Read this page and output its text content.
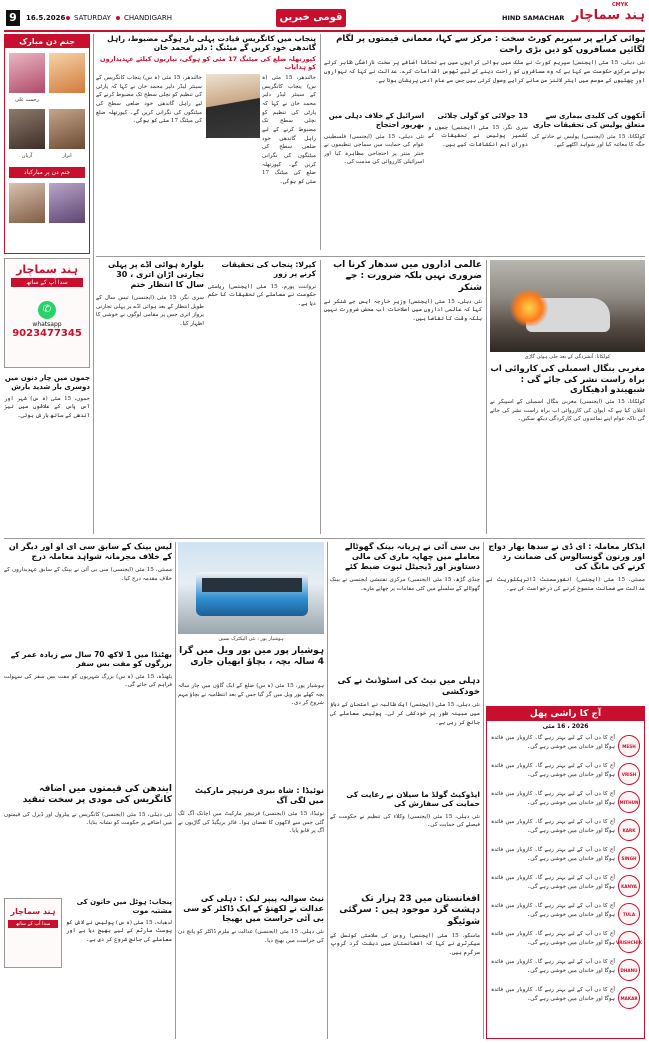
CMYK
9	16.5.2026 SATURDAY CHANDIGARH	قومی خبریں	HIND SAMACHAR ہند سماچار
جنم دن مبارک
رحمت علی
آریان	ابرار
جنم دن پر مبارکباد
ہند سماچار
سدا آپ کے ساتھ
✆
whatsapp
9023477345
جموں میں چار دنوں میں دوسری بار شدید بارش
جموں، 15 مئی (ہ س) شہر اور آس پاس کے علاقوں میں تیز آندھی کے ساتھ بارش ہوئی۔
پنجاب میں کانگریس قیادت پہلی بار ہوگی مضبوط، راہل گاندھی خود کریں گے میٹنگ : دلیر محمد خان
کپورتھلہ ضلع کی میٹنگ 17 مئی کو ہوگی، تیاریوں کیلئے عہدیداروں کو ہدایات
جالندھر، 15 مئی (ہ س) پنجاب کانگریس کے سینئر لیڈر دلیر محمد خان نے کہا کہ پارٹی کی تنظیم کو نچلی سطح تک مضبوط کرنے کے لیے راہل گاندھی خود ضلعی سطح کی میٹنگوں کی نگرانی کریں گے۔ کپورتھلہ ضلع کی میٹنگ 17 مئی کو ہوگی۔
جالندھر، 15 مئی (ہ س) پنجاب کانگریس کے سینئر لیڈر دلیر محمد خان نے کہا کہ پارٹی کی تنظیم کو نچلی سطح تک مضبوط کرنے کے لیے راہل گاندھی خود ضلعی سطح کی میٹنگوں کی نگرانی کریں گے۔ کپورتھلہ ضلع کی میٹنگ 17 مئی کو ہوگی۔
ہوائی کرایے پر سپریم کورٹ سخت : مرکز سے کہا، معمانی قیمتوں پر لگام لگائیں مسافروں کو دیں بڑی راحت
نئی دہلی، 15 مئی (ایجنسی) سپریم کورٹ نے ملک میں ہوائی کرایوں میں بے تحاشا اضافے پر سخت ناراضگی ظاہر کرتے ہوئے مرکزی حکومت سے کہا ہے کہ وہ مسافروں کو راحت دینے کے لیے ٹھوس اقدامات کرے۔ عدالت نے کہا کہ تہواروں اور چھٹیوں کے موسم میں ایئر لائنز من مانے کرایے وصول کرتی ہیں جس سے عام آدمی پریشان ہوتا ہے۔
اسرائیل کے خلاف دہلی میں بھرپور احتجاج
نئی دہلی، 15 مئی (ایجنسی) فلسطینی عوام کی حمایت میں سماجی تنظیموں نے جنتر منتر پر احتجاجی مظاہرہ کیا اور اسرائیلی کارروائی کی مذمت کی۔
13 جولائی کو گولی چلائی
سری نگر، 15 مئی (ایجنسی) جموں و کشمیر پولیس نے تحقیقات کے دوران اہم انکشافات کیے ہیں۔
آنکھوں کی کلیدی بیماری سے متعلق پولیس کی تحقیقات جاری
کولکاتا، 15 مئی (ایجنسی) پولیس نے حادثے کی جگہ کا معائنہ کیا اور شواہد اکٹھے کیے۔
بلوارہ ہوائی اڈے پر پہلی تجارتی اڑان اتری ، 30 سال کا انتظار ختم
سری نگر، 15 مئی (ایجنسی) تیس سال کے طویل انتظار کے بعد ہوائی اڈے پر پہلی تجارتی پرواز اتری جس پر مقامی لوگوں نے خوشی کا اظہار کیا۔
کیرلا: پنجاب کی تحقیقات کرنے پر زور
ترواننت پورم، 15 مئی (ایجنسی) ریاستی حکومت نے معاملے کی تحقیقات کا حکم دیا ہے۔
عالمی اداروں میں سدھار کرنا اب ضروری نہیں بلکہ ضرورت : جے شنکر
نئی دہلی، 15 مئی (ایجنسی) وزیر خارجہ ایس جے شنکر نے کہا کہ عالمی اداروں میں اصلاحات اب محض ضرورت نہیں بلکہ وقت کا تقاضا ہیں۔
کولکاتا: آتشزدگی کے بعد جلی ہوئی گاڑی
مغربی بنگال اسمبلی کی کاروائی اب براہ راست نشر کی جائے گی : شبھیندو ادھیکاری
کولکاتا، 15 مئی (ایجنسی) مغربی بنگال اسمبلی کے اسپیکر نے اعلان کیا ہے کہ ایوان کی کارروائی اب براہ راست نشر کی جائے گی تاکہ عوام اپنے نمائندوں کی کارکردگی دیکھ سکیں۔
لیس بینک کے سابق سی ای او اور دیگر ان کے خلاف مجرمانہ شواہد معاملہ درج
ممبئی، 15 مئی (ایجنسی) سی بی آئی نے بینک کے سابق عہدیداروں کے خلاف مقدمہ درج کیا۔
بھٹنڈا میں 1 لاکھ 70 سال سے زیادہ عمر کے بزرگوں کو مفت بس سفر
بٹھنڈہ، 15 مئی (ہ س) بزرگ شہریوں کو مفت بس سفر کی سہولت فراہم کی جائے گی۔
ہوشیار پور : نئی الیکٹرک بسیں
ہوشیار پور میں بور ویل میں گرا 4 سالہ بچہ ، بچاؤ ابھیان جاری
ہوشیار پور، 15 مئی (ہ س) ضلع کے ایک گاؤں میں چار سالہ بچہ کھلے بور ویل میں گر گیا جس کے بعد انتظامیہ نے بچاؤ مہم شروع کر دی۔
بی سی آئی نے ہریانہ بینک گھوٹالے معاملے میں چھاپہ ماری کی مالی دستاویز اور ڈیجیٹل ثبوت ضبط کئے
چنڈی گڑھ، 15 مئی (ایجنسی) مرکزی تفتیشی ایجنسی نے بینک گھوٹالے کے سلسلے میں کئی مقامات پر چھاپے مارے۔
دہلی میں نیٹ کی اسٹوڈنٹ نے کی خودکشی
نئی دہلی، 15 مئی (ایجنسی) ایک طالبہ نے امتحان کے دباؤ میں مبینہ طور پر خودکشی کر لی۔ پولیس معاملے کی جانچ کر رہی ہے۔
ایڈکار معاملہ : ای ڈی نے سدھا بھار دواج اور ورنون گونسالوس کی ضمانت رد کرنے کی مانگ کی
ممبئی، 15 مئی (ایجنسی) انفورسمنٹ ڈائریکٹوریٹ نے عدالت سے ضمانت منسوخ کرنے کی درخواست کی ہے۔
آج کا راشی پھل
2026 ، 16 مئی
آج کا دن آپ کے لیے بہتر رہے گا۔ کاروبار میں فائدہ ہوگا اور خاندان میں خوشی رہے گی۔	MESH
آج کا دن آپ کے لیے بہتر رہے گا۔ کاروبار میں فائدہ ہوگا اور خاندان میں خوشی رہے گی۔	VRISH
آج کا دن آپ کے لیے بہتر رہے گا۔ کاروبار میں فائدہ ہوگا اور خاندان میں خوشی رہے گی۔	MITHUN
آج کا دن آپ کے لیے بہتر رہے گا۔ کاروبار میں فائدہ ہوگا اور خاندان میں خوشی رہے گی۔	KARK
آج کا دن آپ کے لیے بہتر رہے گا۔ کاروبار میں فائدہ ہوگا اور خاندان میں خوشی رہے گی۔	SINGH
آج کا دن آپ کے لیے بہتر رہے گا۔ کاروبار میں فائدہ ہوگا اور خاندان میں خوشی رہے گی۔	KANYA
آج کا دن آپ کے لیے بہتر رہے گا۔ کاروبار میں فائدہ ہوگا اور خاندان میں خوشی رہے گی۔	TULA
آج کا دن آپ کے لیے بہتر رہے گا۔ کاروبار میں فائدہ ہوگا اور خاندان میں خوشی رہے گی۔ VRISHCHIK
آج کا دن آپ کے لیے بہتر رہے گا۔ کاروبار میں فائدہ ہوگا اور خاندان میں خوشی رہے گی۔	DHANU
آج کا دن آپ کے لیے بہتر رہے گا۔ کاروبار میں فائدہ ہوگا اور خاندان میں خوشی رہے گی۔	MAKAR
نوئیڈا : شاہ بیری فرنیچر مارکیٹ میں لگی آگ
نوئیڈا، 15 مئی (ایجنسی) فرنیچر مارکیٹ میں اچانک آگ لگ گئی جس سے لاکھوں کا نقصان ہوا۔ فائر بریگیڈ کی گاڑیوں نے آگ پر قابو پایا۔
نیٹ سوالیہ پیپر لیک : دہلی کی عدالت نے لکھنؤ کے ایک ڈاکٹر کو سی بی آئی حراست میں بھیجا
نئی دہلی، 15 مئی (ایجنسی) عدالت نے ملزم ڈاکٹر کو پانچ دن کی حراست میں بھیج دیا۔
ایڈوکیٹ گولڈ ما سیلان نے رعایت کی حمایت کی سفارش کی
نئی دہلی، 15 مئی (ایجنسی) وکلاء کی تنظیم نے حکومت کے فیصلے کی حمایت کی۔
افغانستان میں 23 ہزار تک دہشت گرد موجود ہیں : سرگئی شوئیگو
ماسکو، 15 مئی (ایجنسی) روس کی سلامتی کونسل کے سیکرٹری نے کہا کہ افغانستان میں دہشت گرد گروپ سرگرم ہیں۔
ایندھن کی قیمتوں میں اضافہ کانگریس کی مودی پر سخت تنقید
نئی دہلی، 15 مئی (ایجنسی) کانگریس نے پیٹرول اور ڈیزل کی قیمتوں میں اضافے پر حکومت کو نشانہ بنایا۔
ہند سماچار
سدا آپ کے ساتھ
پنجاب: ہوٹل میں خاتون کی مشتبہ موت
لدھیانہ، 15 مئی (ہ س) پولیس نے لاش کو پوسٹ مارٹم کے لیے بھیج دیا ہے اور معاملے کی جانچ شروع کر دی ہے۔
